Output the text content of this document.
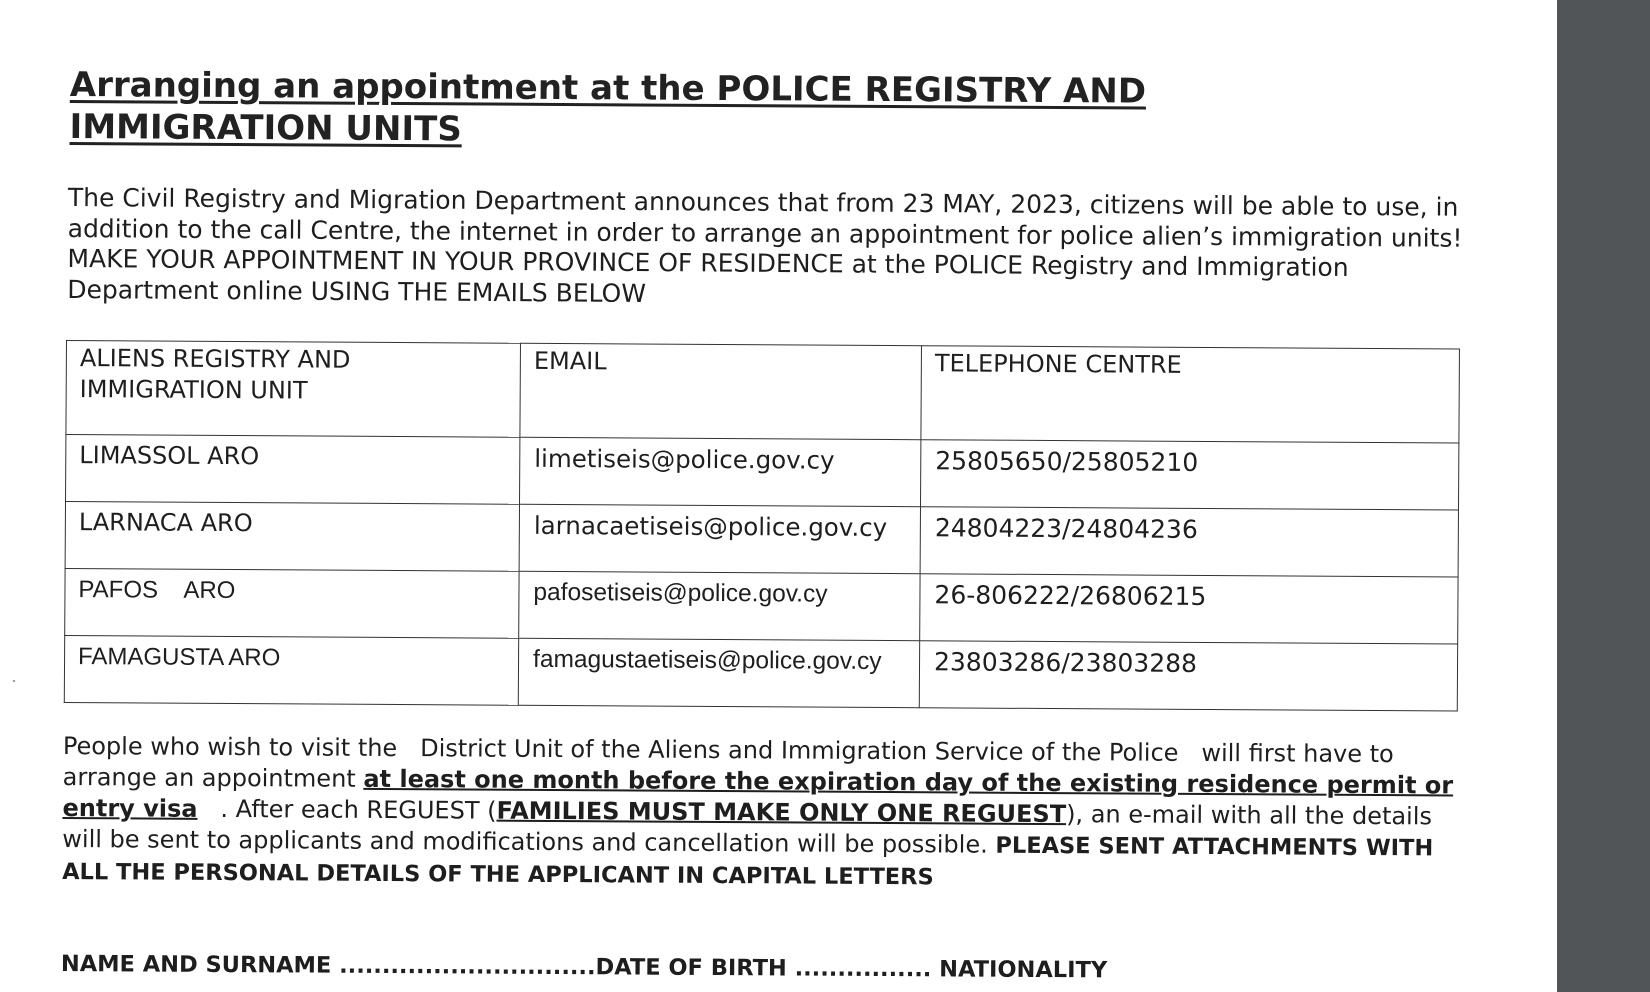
Arranging an appointment at the POLICE REGISTRY AND IMMIGRATION UNITS

The Civil Registry and Migration Department announces that from 23 MAY, 2023, citizens will be able to use, in addition to the call Centre, the internet in order to arrange an appointment for police alien’s immigration units! MAKE YOUR APPOINTMENT IN YOUR PROVINCE OF RESIDENCE at the POLICE Registry and Immigration Department online USING THE EMAILS BELOW

ALIENS REGISTRY AND IMMIGRATION UNIT	EMAIL	TELEPHONE CENTRE
LIMASSOL ARO	limetiseis@police.gov.cy	25805650/25805210
LARNACA ARO	larnacaetiseis@police.gov.cy	24804223/24804236
PAFOS    ARO	pafosetiseis@police.gov.cy	26-806222/26806215
FAMAGUSTA ARO	famagustaetiseis@police.gov.cy	23803286/23803288

People who wish to visit the   District Unit of the Aliens and Immigration Service of the Police   will first have to arrange an appointment at least one month before the expiration day of the existing residence permit or entry visa   . After each REGUEST (FAMILIES MUST MAKE ONLY ONE REGUEST), an e-mail with all the details will be sent to applicants and modifications and cancellation will be possible. PLEASE SENT ATTACHMENTS WITH ALL THE PERSONAL DETAILS OF THE APPLICANT IN CAPITAL LETTERS

NAME AND SURNAME ..............................DATE OF BIRTH ................ NATIONALITY
